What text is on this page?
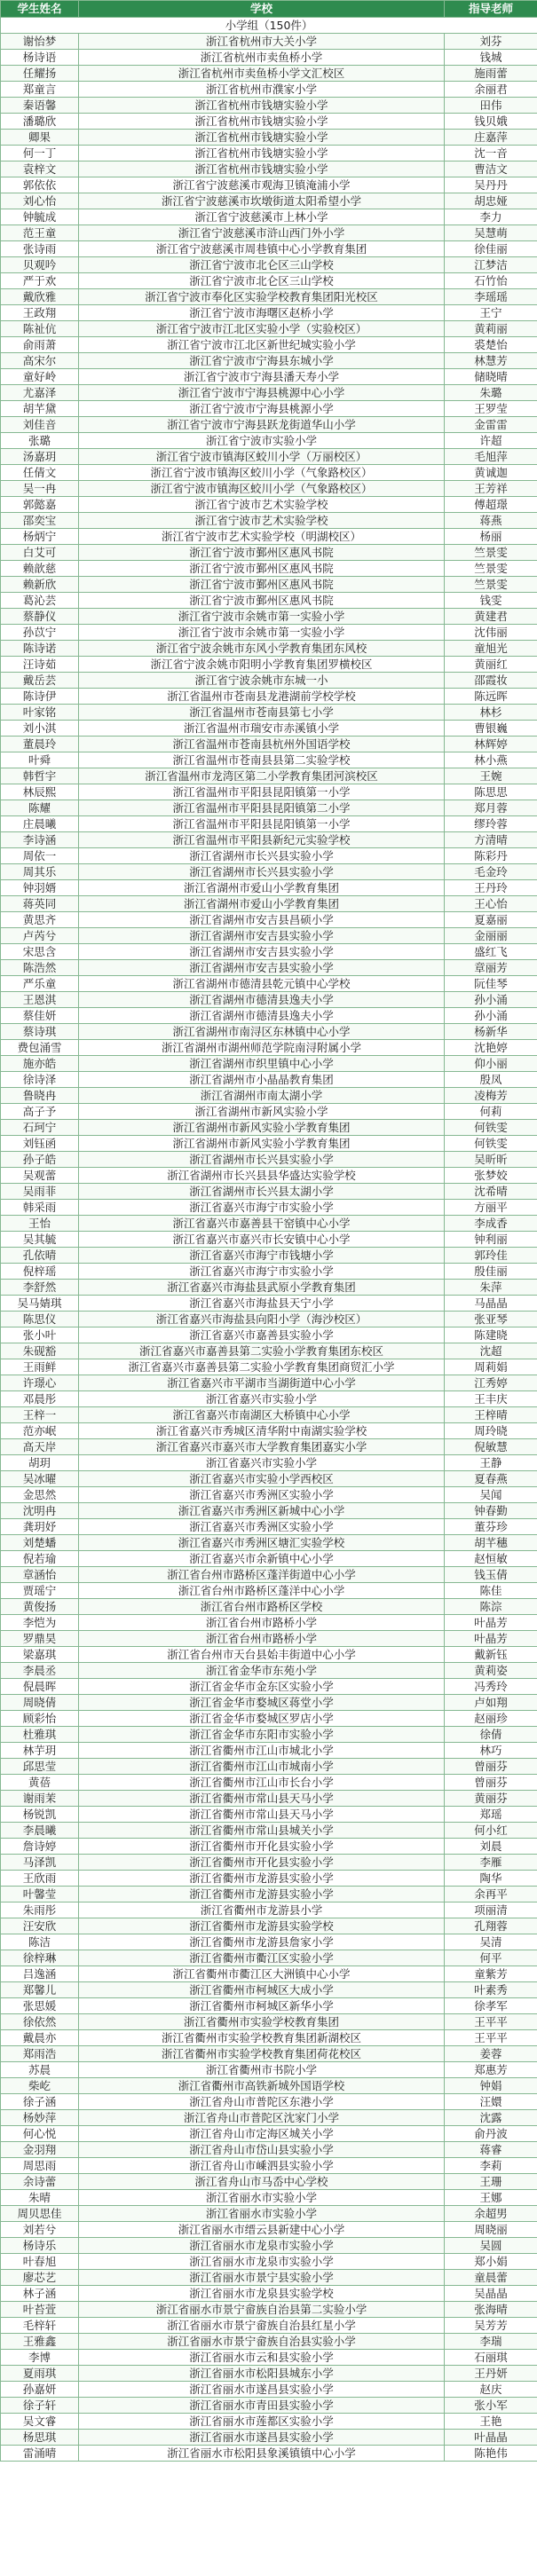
学生姓名	学校	指导老师
小学组（150件）		
谢怡梦	浙江省杭州市大关小学	刘芬
杨诗语	浙江省杭州市卖鱼桥小学	钱城
任耀扬	浙江省杭州市卖鱼桥小学文汇校区	施雨蕾
郑童言	浙江省杭州市濮家小学	余丽君
秦语馨	浙江省杭州市钱塘实验小学	田伟
潘璐欣	浙江省杭州市钱塘实验小学	钱贝娥
卿果	浙江省杭州市钱塘实验小学	庄嘉萍
何一丁	浙江省杭州市钱塘实验小学	沈一音
袁梓文	浙江省杭州市钱塘实验小学	曹洁文
郭依依	浙江省宁波慈溪市观海卫镇淹浦小学	吴丹丹
刘心怡	浙江省宁波慈溪市坎墩街道太阳希望小学	胡忠娅
钟毓成	浙江省宁波慈溪市上林小学	李力
范王童	浙江省宁波慈溪市浒山西门外小学	吴慧萌
张诗雨	浙江省宁波慈溪市周巷镇中心小学教育集团	徐佳丽
贝观吟	浙江省宁波市北仑区三山学校	江梦洁
严于欢	浙江省宁波市北仑区三山学校	石竹怡
戴欣雅	浙江省宁波市奉化区实验学校教育集团阳光校区	李瑶瑶
王政翔	浙江省宁波市海曙区赵桥小学	王宁
陈祉伉	浙江省宁波市江北区实验小学（实验校区）	黄莉丽
俞雨萧	浙江省宁波市江北区新世纪城实验小学	裘楚怡
高宋尔	浙江省宁波市宁海县东城小学	林慧芳
童好岭	浙江省宁波市宁海县潘天寿小学	储晓晴
尤嘉泽	浙江省宁波市宁海县桃源中心小学	朱璐
胡芊黛	浙江省宁波市宁海县桃源小学	王罗莹
刘佳音	浙江省宁波市宁海县跃龙街道华山小学	金雷雷
张璐	浙江省宁波市实验小学	许超
汤嘉玥	浙江省宁波市镇海区蛟川小学（万丽校区）	毛旭萍
任倩文	浙江省宁波市镇海区蛟川小学（气象路校区）	黄诚迦
吴一冉	浙江省宁波市镇海区蛟川小学（气象路校区）	王芳祥
郭懿嘉	浙江省宁波市艺术实验学校	傅超璟
邵奕宝	浙江省宁波市艺术实验学校	蒋燕
杨炳宁	浙江省宁波市艺术实验学校（明湖校区）	杨丽
白艾可	浙江省宁波市鄞州区惠风书院	竺景雯
赖歆慈	浙江省宁波市鄞州区惠风书院	竺景雯
赖新欣	浙江省宁波市鄞州区惠风书院	竺景雯
葛沁芸	浙江省宁波市鄞州区惠风书院	钱雯
蔡静仪	浙江省宁波市余姚市第一实验小学	黄建君
孙苡宁	浙江省宁波市余姚市第一实验小学	沈伟丽
陈诗诺	浙江省宁波余姚市东风小学教育集团东风校	童旭光
汪诗茹	浙江省宁波余姚市阳明小学教育集团罗横校区	黄丽红
戴岳芸	浙江省宁波余姚市东城一小	邵霞妆
陈诗伊	浙江省温州市苍南县龙港湖前学校学校	陈远晖
叶家铭	浙江省温州市苍南县第七小学	林杉
刘小淇	浙江省温州市瑞安市赤溪镇小学	曹银巍
董晨玲	浙江省温州市苍南县杭州外国语学校	林辉婷
叶舜	浙江省温州市苍南县县第二实验学校	林小燕
韩哲宇	浙江省温州市龙湾区第二小学教育集团河滨校区	王婉
林辰熙	浙江省温州市平阳县昆阳镇第一小学	陈思思
陈耀	浙江省温州市平阳县昆阳镇第二小学	郑月蓉
庄晨曦	浙江省温州市平阳县昆阳镇第一小学	缪玲蓉
李诗涵	浙江省温州市平阳县新纪元实验学校	方清晴
周依一	浙江省湖州市长兴县实验小学	陈彩丹
周其乐	浙江省湖州市长兴县实验小学	毛金玲
钟羽婿	浙江省湖州市爱山小学教育集团	王丹玲
蒋英同	浙江省湖州市爱山小学教育集团	王心怡
黄思齐	浙江省湖州市安吉县昌硕小学	夏嘉丽
卢芮兮	浙江省湖州市安吉县实验小学	金丽丽
宋思含	浙江省湖州市安吉县实验小学	盛红飞
陈浩然	浙江省湖州市安吉县实验小学	章丽芳
严乐童	浙江省湖州市德清县乾元镇中心学校	阮佳琴
王恩淇	浙江省湖州市德清县逸夫小学	孙小涌
蔡佳妍	浙江省湖州市德清县逸夫小学	孙小涌
蔡诗琪	浙江省湖州市南浔区东林镇中心小学	杨新华
费包涌雪	浙江省湖州市湖州师范学院南浔附属小学	沈艳婷
施亦皓	浙江省湖州市织里镇中心小学	仰小丽
徐诗泽	浙江省湖州市小晶晶教育集团	殷凤
鲁晓冉	浙江省湖州市南太湖小学	凌梅芳
高子予	浙江省湖州市新风实验小学	何莉
石珂宁	浙江省湖州市新风实验小学教育集团	何铁雯
刘钰函	浙江省湖州市新风实验小学教育集团	何铁雯
孙子皓	浙江省湖州市长兴县实验小学	吴昕昕
吴观蕾	浙江省湖州市长兴县县华盛达实验学校	张梦姣
吴雨菲	浙江省湖州市长兴县太湖小学	沈希晴
韩采雨	浙江省嘉兴市海宁市实验小学	方丽平
王怡	浙江省嘉兴市嘉善县干窑镇中心小学	李成香
吴其毓	浙江省嘉兴市嘉兴市长安镇中心小学	钟利丽
孔依晴	浙江省嘉兴市海宁市钱塘小学	郭玲佳
倪梓瑶	浙江省嘉兴市海宁市实验小学	殷佳丽
李舒然	浙江省嘉兴市海盐县武原小学教育集团	朱萍
吴马婧琪	浙江省嘉兴市海盐县天宁小学	马晶晶
陈思仪	浙江省嘉兴市海盐县向阳小学（海沙校区）	张亚琴
张小叶	浙江省嘉兴市嘉善县实验小学	陈建晓
朱砚豁	浙江省嘉兴市嘉善县第二实验小学教育集团东校区	沈超
王雨鲜	浙江省嘉兴市嘉善县第二实验小学教育集团商贸汇小学	周莉娟
许璟心	浙江省嘉兴市平湖市当湖街道中心小学	江秀婷
邓晨彤	浙江省嘉兴市实验小学	王丰庆
王梓一	浙江省嘉兴市南湖区大桥镇中心小学	王梓晴
范亦岷	浙江省嘉兴市秀城区清华附中南湖实验学校	周玲晓
高天岸	浙江省嘉兴市嘉兴市大学教育集团嘉实小学	倪敏慧
胡玥	浙江省嘉兴市实验小学	王静
吴冰曜	浙江省嘉兴市实验小学西校区	夏春燕
金思然	浙江省嘉兴市秀洲区实验小学	吴闻
沈明冉	浙江省嘉兴市秀洲区新城中心小学	钟春勤
龚玥妤	浙江省嘉兴市秀洲区实验小学	董芬珍
刘楚蟠	浙江省嘉兴市秀洲区塘汇实验学校	胡芊穗
倪若瑜	浙江省嘉兴市余新镇中心小学	赵恒敏
章涵怡	浙江省台州市路桥区蓬洋街道中心小学	钱玉倩
贾瑶宁	浙江省台州市路桥区蓬洋中心小学	陈佳
黄俊扬	浙江省台州市路桥区学校	陈淙
李恺为	浙江省台州市路桥小学	叶晶芳
罗鼎昊	浙江省台州市路桥小学	叶晶芳
梁嘉琪	浙江省台州市天台县始丰街道中心小学	戴新钰
李晨丞	浙江省金华市东苑小学	黄莉姿
倪晨晖	浙江省金华市金东区实验小学	冯秀玲
周晓倩	浙江省金华市婺城区蒋堂小学	卢如翔
顾彩怡	浙江省金华市婺城区罗店小学	赵丽珍
杜雅琪	浙江省金华市东阳市实验小学	徐倩
林芋玥	浙江省衢州市江山市城北小学	林巧
邱思莹	浙江省衢州市江山市城南小学	曾丽芬
黄蓓	浙江省衢州市江山市长台小学	曾丽芬
谢雨茉	浙江省衢州市常山县天马小学	黄丽芬
杨锐凯	浙江省衢州市常山县天马小学	郑瑶
李晨曦	浙江省衢州市常山县城关小学	何小红
詹诗婷	浙江省衢州市开化县实验小学	刘晨
马泽凯	浙江省衢州市开化县实验小学	李雁
王欣雨	浙江省衢州市龙游县实验小学	陶华
叶馨莹	浙江省衢州市龙游县实验小学	余再平
朱雨彤	浙江省衢州市龙游县小学	项丽清
汪安欣	浙江省衢州市龙游县实验学校	孔翔蓉
陈洁	浙江省衢州市龙游县詹家小学	吴清
徐梓琳	浙江省衢州市衢江区实验小学	何平
吕逸涵	浙江省衢州市衢江区大洲镇中心小学	童紫芳
郑馨儿	浙江省衢州市柯城区大成小学	叶素秀
张思媛	浙江省衢州市柯城区新华小学	徐孝军
徐依然	浙江省衢州市实验学校教育集团	王平平
戴晨亦	浙江省衢州市实验学校教育集团新湖校区	王平平
郑雨浩	浙江省衢州市实验学校教育集团荷花校区	姜蓉
苏晨	浙江省衢州市书院小学	郑惠芳
柴屹	浙江省衢州市高铁新城外国语学校	钟娟
徐子涵	浙江省舟山市普陀区东港小学	汪嬛
杨妙萍	浙江省舟山市普陀区沈家门小学	沈露
何心悦	浙江省舟山市定海区城关小学	俞丹波
金羽翔	浙江省舟山市岱山县实验小学	蒋睿
周思雨	浙江省舟山市嵊泗县实验小学	李莉
余诗蕾	浙江省舟山市马岙中心学校	王珊
朱晴	浙江省丽水市实验小学	王娜
周贝思佳	浙江省丽水市实验小学	余超男
刘若兮	浙江省丽水市缙云县新建中心小学	周晓丽
杨诗乐	浙江省丽水市龙泉市实验小学	吴圆
叶春旭	浙江省丽水市龙泉市实验小学	郑小娟
廖芯艺	浙江省丽水市景宁县实验小学	童晨蕾
林子涵	浙江省丽水市龙泉县实验学校	吴晶晶
叶苔萱	浙江省丽水市景宁畲族自治县第二实验小学	张海晴
毛梓轩	浙江省丽水市景宁畲族自治县红星小学	吴芳芳
王雅鑫	浙江省丽水市景宁畲族自治县实验小学	李瑞
李博	浙江省丽水市云和县实验小学	石丽琪
夏雨琪	浙江省丽水市松阳县城东小学	王丹妍
孙嘉妍	浙江省丽水市遂昌县实验小学	赵庆
徐子轩	浙江省丽水市青田县实验小学	张小军
吴文睿	浙江省丽水市莲都区实验小学	王艳
杨思琪	浙江省丽水市遂昌县实验小学	叶晶晶
雷涌晴	浙江省丽水市松阳县象溪镇镇中心小学	陈艳伟
